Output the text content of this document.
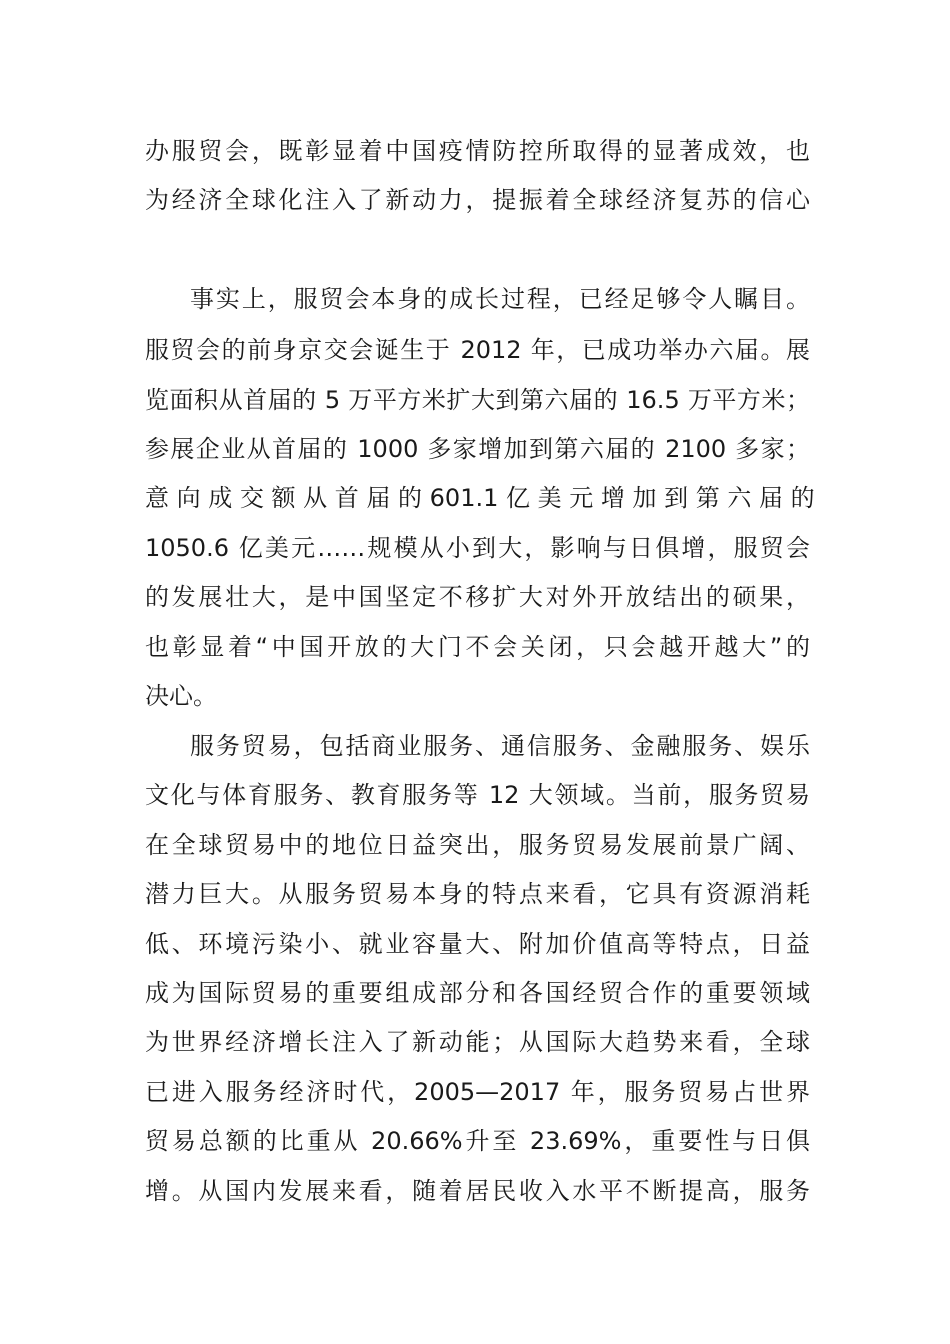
办服贸会，既彰显着中国疫情防控所取得的显著成效，也
为经济全球化注入了新动力，提振着全球经济复苏的信心
事实上，服贸会本身的成长过程，已经足够令人瞩目。
服贸会的前身京交会诞生于 2012 年，已成功举办六届。展
览面积从首届的 5 万平方米扩大到第六届的 16.5 万平方米；
参展企业从首届的 1000 多家增加到第六届的 2100 多家；
意 向 成 交 额 从 首 届 的 601.1 亿 美 元 增 加 到 第 六 届 的
1050.6 亿美元……规模从小到大，影响与日俱增，服贸会
的发展壮大，是中国坚定不移扩大对外开放结出的硕果，
也彰显着“中国开放的大门不会关闭，只会越开越大”的
决心。
服务贸易，包括商业服务、通信服务、金融服务、娱乐
文化与体育服务、教育服务等 12 大领域。当前，服务贸易
在全球贸易中的地位日益突出，服务贸易发展前景广阔、
潜力巨大。从服务贸易本身的特点来看，它具有资源消耗
低、环境污染小、就业容量大、附加价值高等特点，日益
成为国际贸易的重要组成部分和各国经贸合作的重要领域
为世界经济增长注入了新动能；从国际大趋势来看，全球
已进入服务经济时代，2005—2017 年，服务贸易占世界
贸易总额的比重从 20.66%升至 23.69%，重要性与日俱
增。从国内发展来看，随着居民收入水平不断提高，服务
